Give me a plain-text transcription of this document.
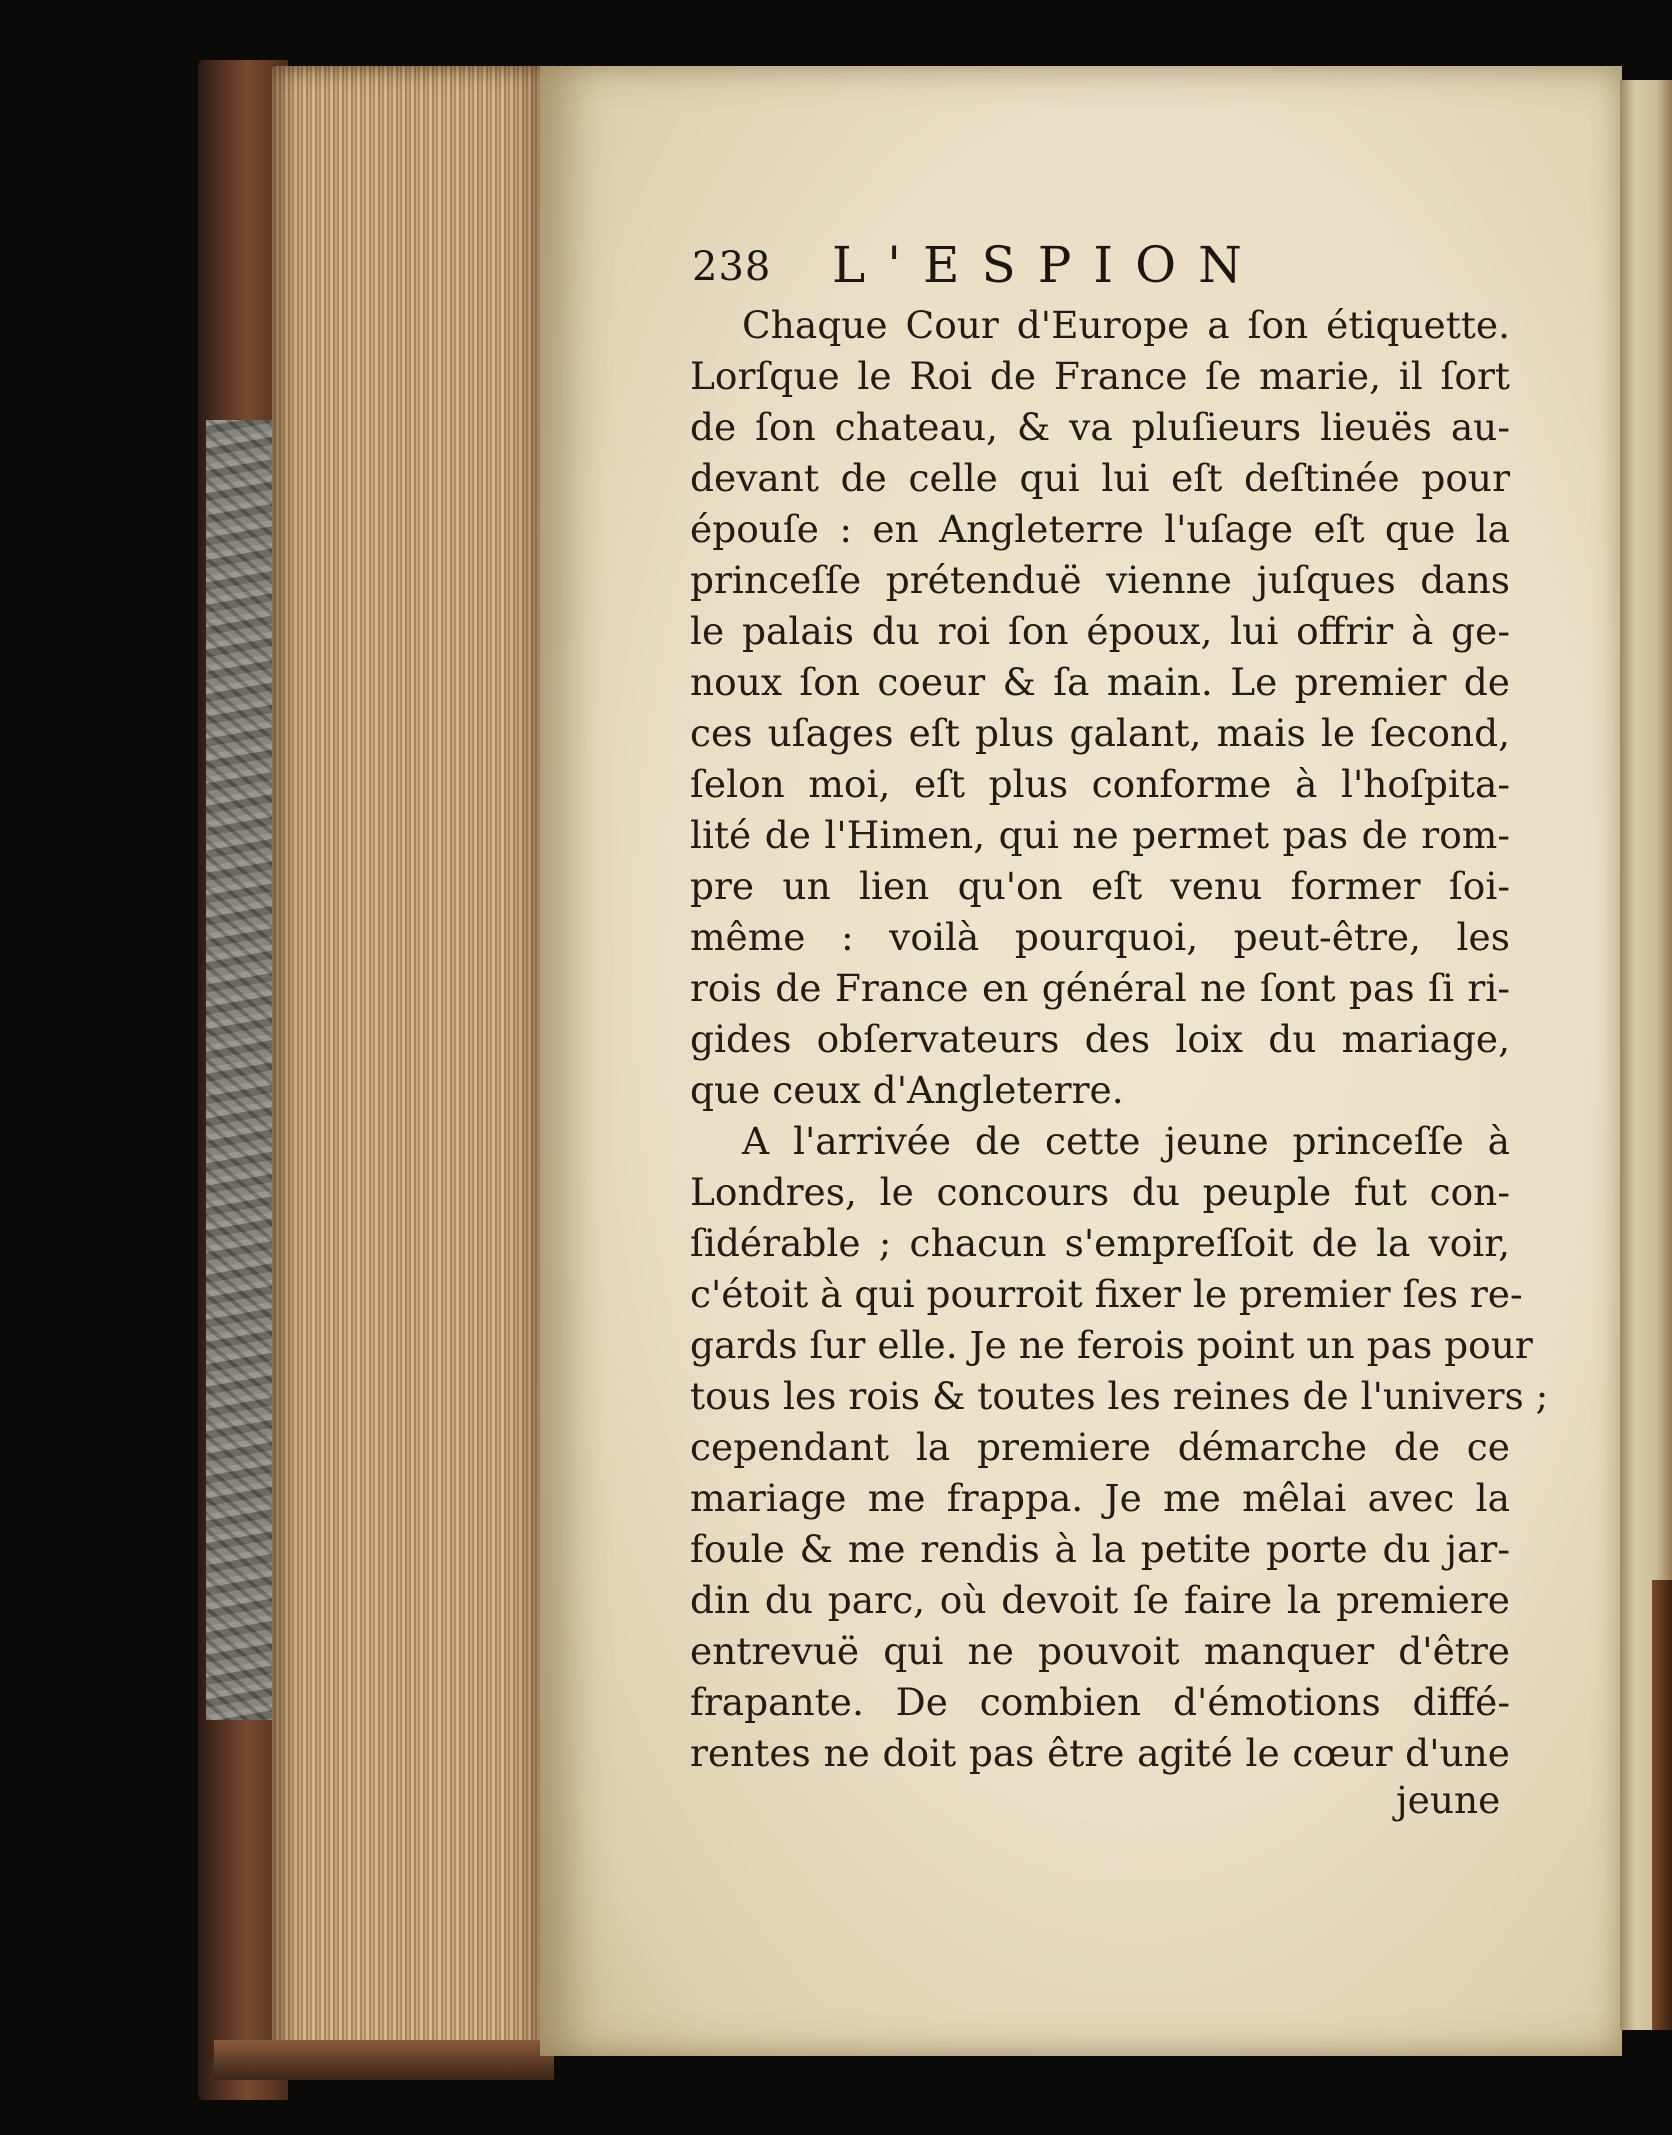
238 L'ESPION
Chaque Cour d'Europe a ſon étiquette.
Lorſque le Roi de France ſe marie, il ſort
de ſon chateau, & va pluſieurs lieuës au-
devant de celle qui lui eſt deſtinée pour
épouſe : en Angleterre l'uſage eſt que la
princeſſe prétenduë vienne juſques dans
le palais du roi ſon époux, lui offrir à ge-
noux ſon coeur & ſa main. Le premier de
ces uſages eſt plus galant, mais le ſecond,
ſelon moi, eſt plus conforme à l'hoſpita-
lité de l'Himen, qui ne permet pas de rom-
pre un lien qu'on eſt venu former ſoi-
même : voilà pourquoi, peut-être, les
rois de France en général ne ſont pas ſi ri-
gides obſervateurs des loix du mariage,
que ceux d'Angleterre.
A l'arrivée de cette jeune princeſſe à
Londres, le concours du peuple fut con-
ſidérable ; chacun s'empreſſoit de la voir,
c'étoit à qui pourroit fixer le premier ſes re-
gards ſur elle. Je ne ferois point un pas pour
tous les rois & toutes les reines de l'univers ;
cependant la premiere démarche de ce
mariage me frappa. Je me mêlai avec la
foule & me rendis à la petite porte du jar-
din du parc, où devoit ſe faire la premiere
entrevuë qui ne pouvoit manquer d'être
frapante. De combien d'émotions diffé-
rentes ne doit pas être agité le cœur d'une
jeune
